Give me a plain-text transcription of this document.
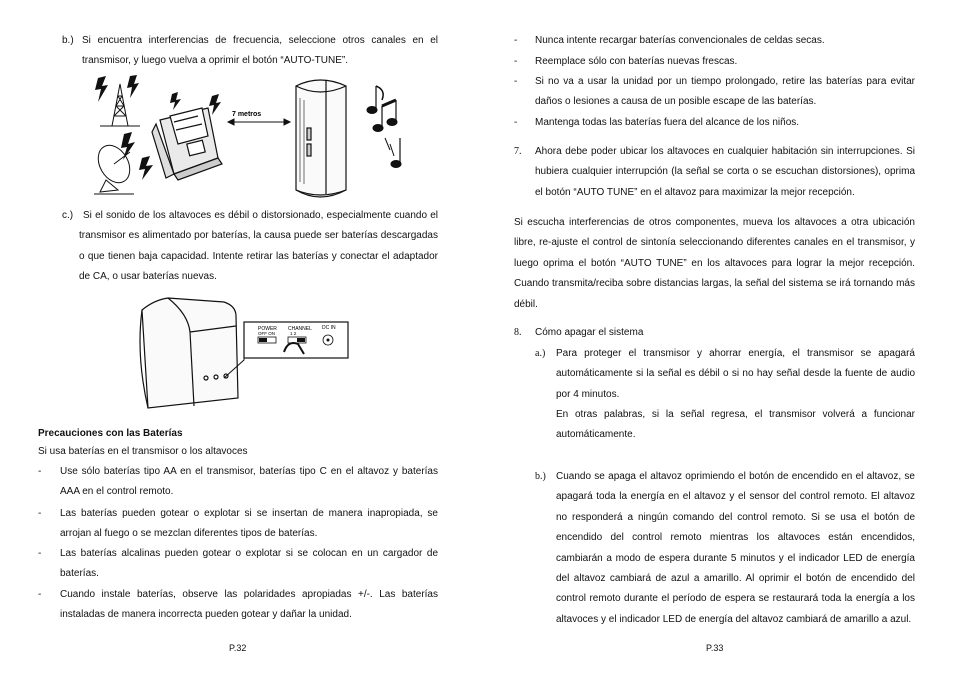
b.) Si encuentra interferencias de frecuencia, seleccione otros canales en el transmisor, y luego vuelva a oprimir el botón “AUTO-TUNE”.

7 metros
c.) Si el sonido de los altavoces es débil o distorsionado, especialmente cuando el transmisor es alimentado por baterías, la causa puede ser baterías descargadas o que tienen baja capacidad. Intente retirar las baterías y conectar el adaptador de CA, o usar baterías nuevas.

POWER
OFF ON
CHANNEL
1 2
DC IN
Precauciones con las Baterías
Si usa baterías en el transmisor o los altavoces
- Use sólo baterías tipo AA en el transmisor, baterías tipo C en el altavoz y baterías AAA en el control remoto.
- Las baterías pueden gotear o explotar si se insertan de manera inapropiada, se arrojan al fuego o se mezclan diferentes tipos de baterías.
- Las baterías alcalinas pueden gotear o explotar si se colocan en un cargador de baterías.
- Cuando instale baterías, observe las polaridades apropiadas +/-. Las baterías instaladas de manera incorrecta pueden gotear y dañar la unidad.
P.32
- Nunca intente recargar baterías convencionales de celdas secas.
- Reemplace sólo con baterías nuevas frescas.
- Si no va a usar la unidad por un tiempo prolongado, retire las baterías para evitar daños o lesiones a causa de un posible escape de las baterías.
- Mantenga todas las baterías fuera del alcance de los niños.
7. Ahora debe poder ubicar los altavoces en cualquier habitación sin interrupciones. Si hubiera cualquier interrupción (la señal se corta o se escuchan distorsiones), oprima el botón “AUTO TUNE” en el altavoz para maximizar la mejor recepción.
Si escucha interferencias de otros componentes, mueva los altavoces a otra ubicación libre, re-ajuste el control de sintonía seleccionando diferentes canales en el transmisor, y luego oprima el botón “AUTO TUNE” en los altavoces para lograr la mejor recepción. Cuando transmita/reciba sobre distancias largas, la señal del sistema se irá tornando más débil.
8. Cómo apagar el sistema
a.) Para proteger el transmisor y ahorrar energía, el transmisor se apagará automáticamente si la señal es débil o si no hay señal desde la fuente de audio por 4 minutos.
En otras palabras, si la señal regresa, el transmisor volverá a funcionar automáticamente.
b.) Cuando se apaga el altavoz oprimiendo el botón de encendido en el altavoz, se apagará toda la energía en el altavoz y el sensor del control remoto. El altavoz no responderá a ningún comando del control remoto. Si se usa el botón de encendido del control remoto mientras los altavoces están encendidos, cambiarán a modo de espera durante 5 minutos y el indicador LED de energía del altavoz cambiará de azul a amarillo. Al oprimir el botón de encendido del control remoto durante el período de espera se restaurará toda la energía a los altavoces y el indicador LED de energía del altavoz cambiará de amarillo a azul.
P.33
